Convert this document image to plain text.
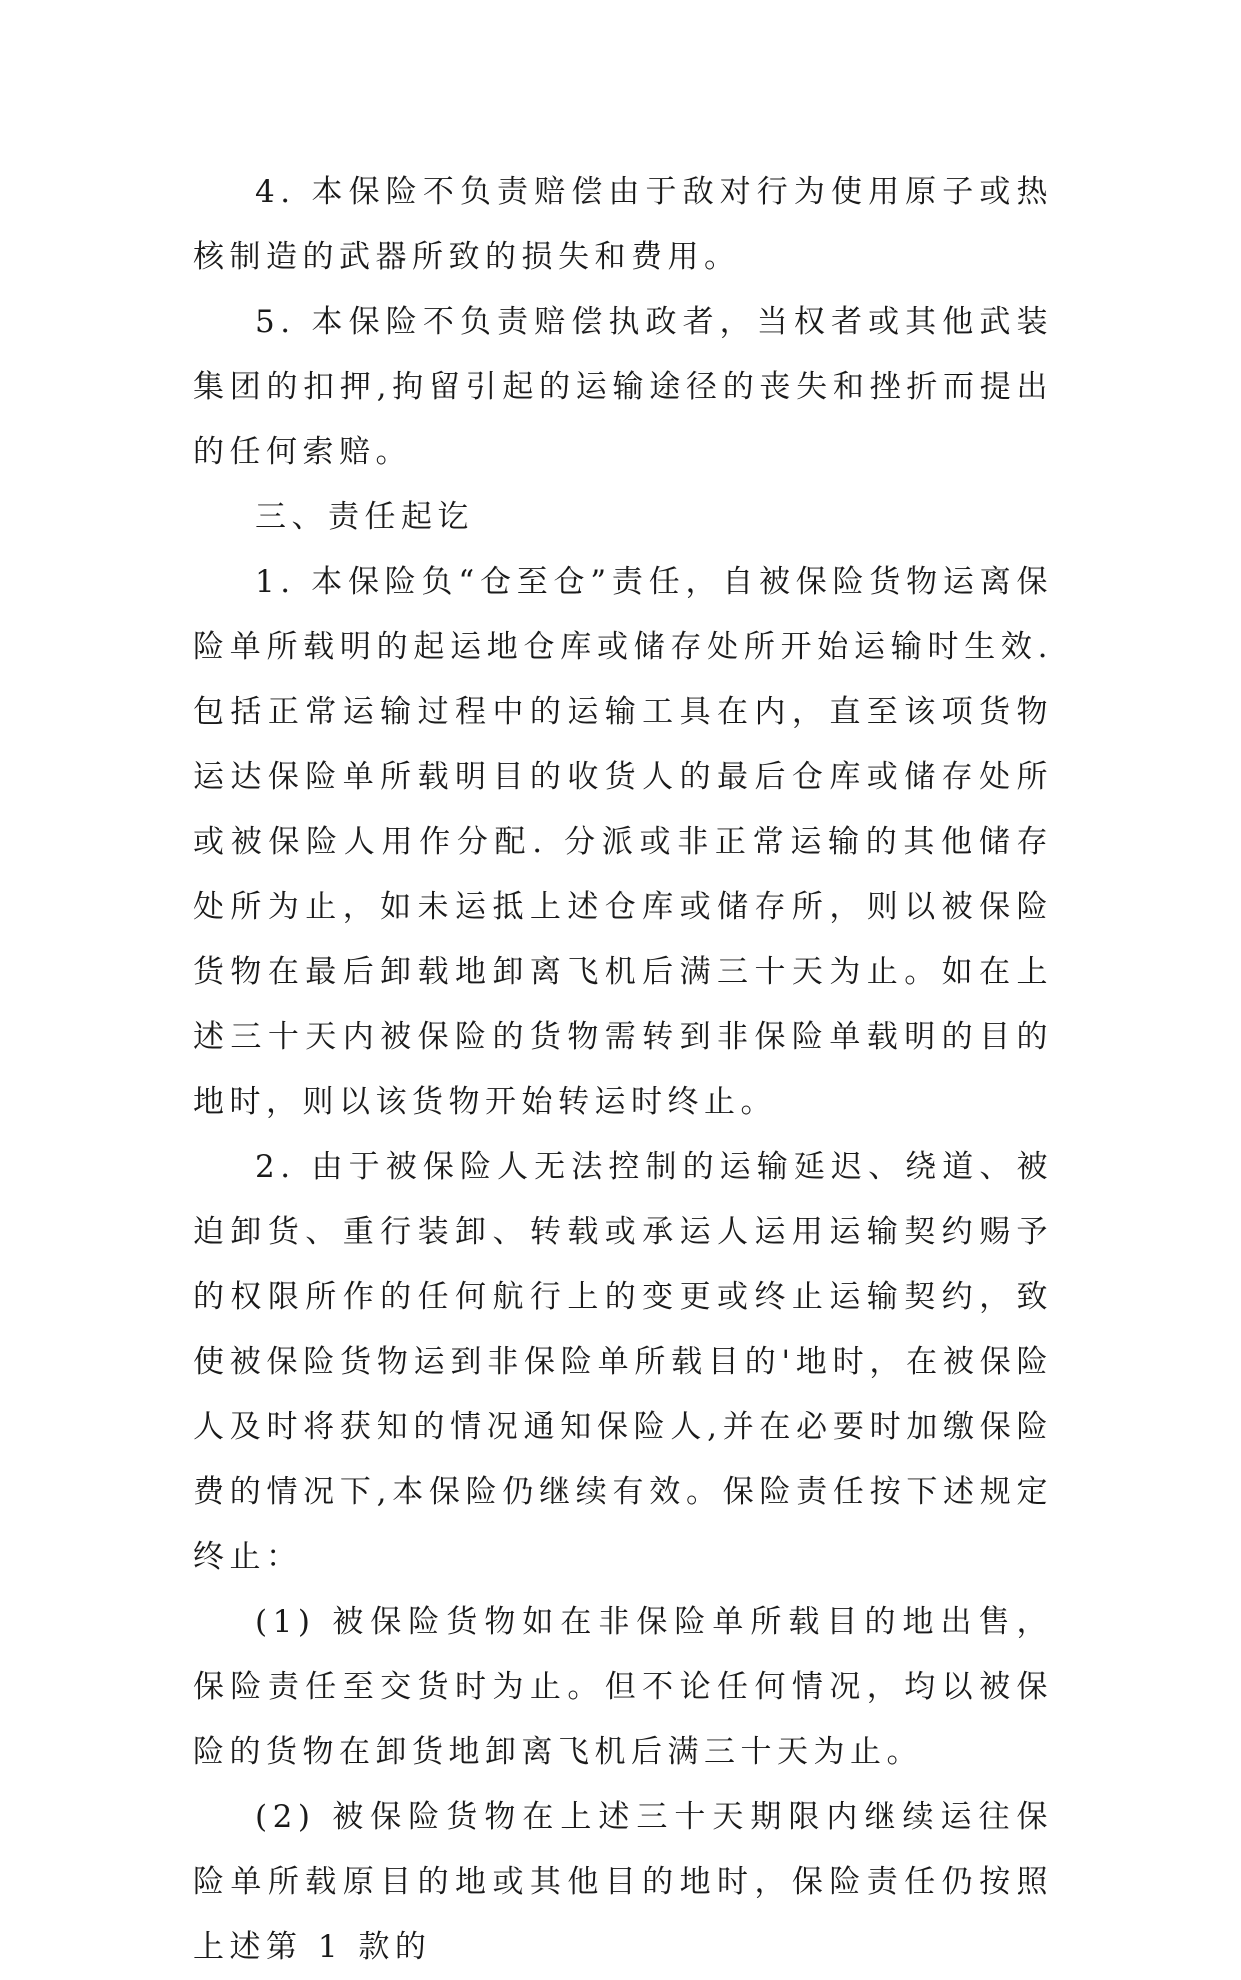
4. 本保险不负责赔偿由于敌对行为使用原子或热核制造的武器所致的损失和费用。

5. 本保险不负责赔偿执政者，当权者或其他武装集团的扣押,拘留引起的运输途径的丧失和挫折而提出的任何索赔。

三、责任起讫

1. 本保险负“仓至仓”责任，自被保险货物运离保险单所载明的起运地仓库或储存处所开始运输时生效. 包括正常运输过程中的运输工具在内，直至该项货物运达保险单所载明目的收货人的最后仓库或储存处所或被保险人用作分配. 分派或非正常运输的其他储存处所为止，如未运抵上述仓库或储存所，则以被保险货物在最后卸载地卸离飞机后满三十天为止。如在上述三十天内被保险的货物需转到非保险单载明的目的地时，则以该货物开始转运时终止。

2. 由于被保险人无法控制的运输延迟、绕道、被迫卸货、重行装卸、转载或承运人运用运输契约赐予的权限所作的任何航行上的变更或终止运输契约，致使被保险货物运到非保险单所载目的'地时，在被保险人及时将获知的情况通知保险人,并在必要时加缴保险费的情况下,本保险仍继续有效。保险责任按下述规定终止：

(1) 被保险货物如在非保险单所载目的地出售，保险责任至交货时为止。但不论任何情况，均以被保险的货物在卸货地卸离飞机后满三十天为止。

(2) 被保险货物在上述三十天期限内继续运往保险单所载原目的地或其他目的地时，保险责任仍按照上述第 1 款的
